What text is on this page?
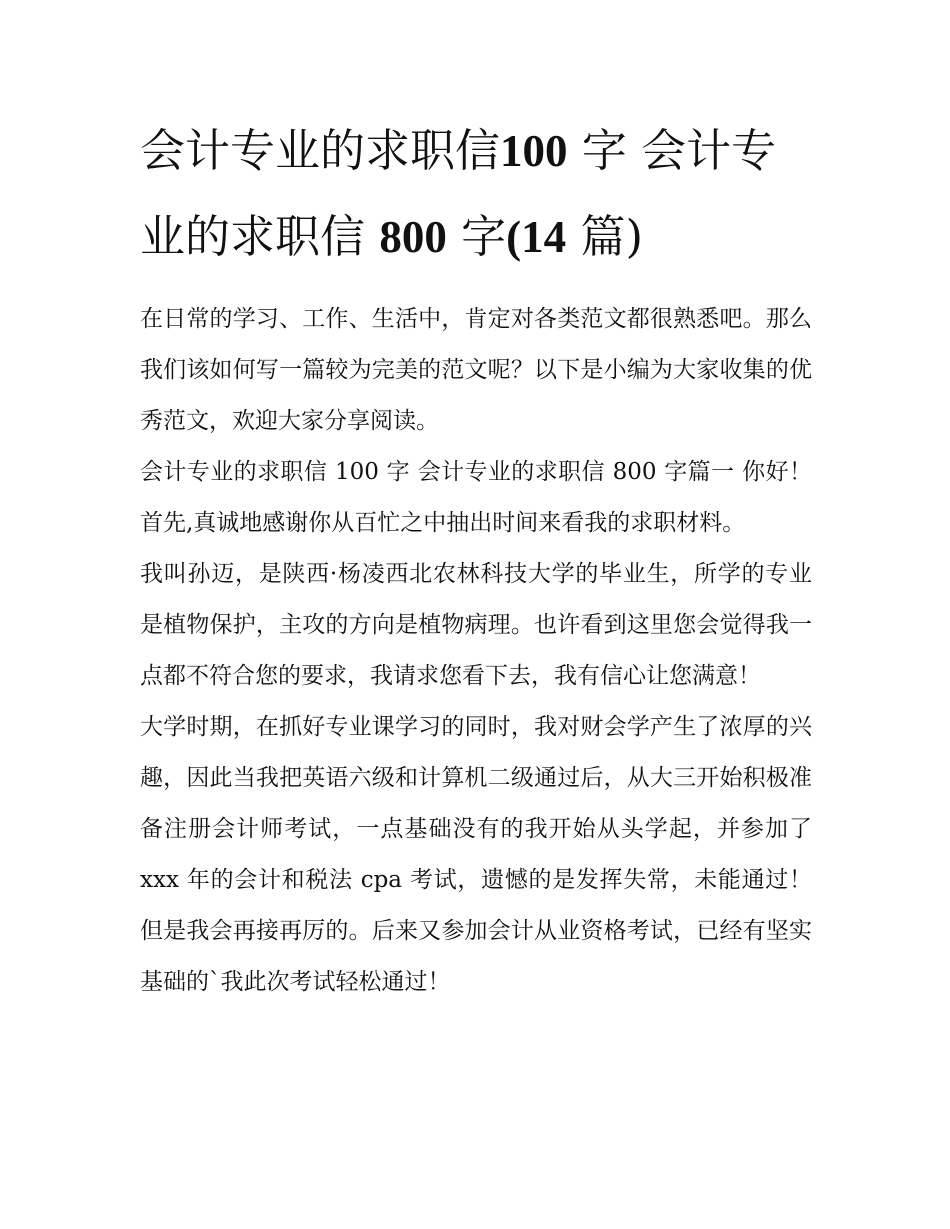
会计专业的求职信100 字 会计专业的求职信 800 字(14 篇)

在日常的学习、工作、生活中，肯定对各类范文都很熟悉吧。那么我们该如何写一篇较为完美的范文呢？以下是小编为大家收集的优秀范文，欢迎大家分享阅读。

会计专业的求职信 100 字 会计专业的求职信 800 字篇一 你好！ 首先,真诚地感谢你从百忙之中抽出时间来看我的求职材料。

我叫孙迈，是陕西·杨凌西北农林科技大学的毕业生，所学的专业是植物保护，主攻的方向是植物病理。也许看到这里您会觉得我一点都不符合您的要求，我请求您看下去，我有信心让您满意！

大学时期，在抓好专业课学习的同时，我对财会学产生了浓厚的兴趣，因此当我把英语六级和计算机二级通过后，从大三开始积极准备注册会计师考试，一点基础没有的我开始从头学起，并参加了 xxx 年的会计和税法 cpa 考试，遗憾的是发挥失常，未能通过！但是我会再接再厉的。后来又参加会计从业资格考试，已经有坚实基础的`我此次考试轻松通过！
